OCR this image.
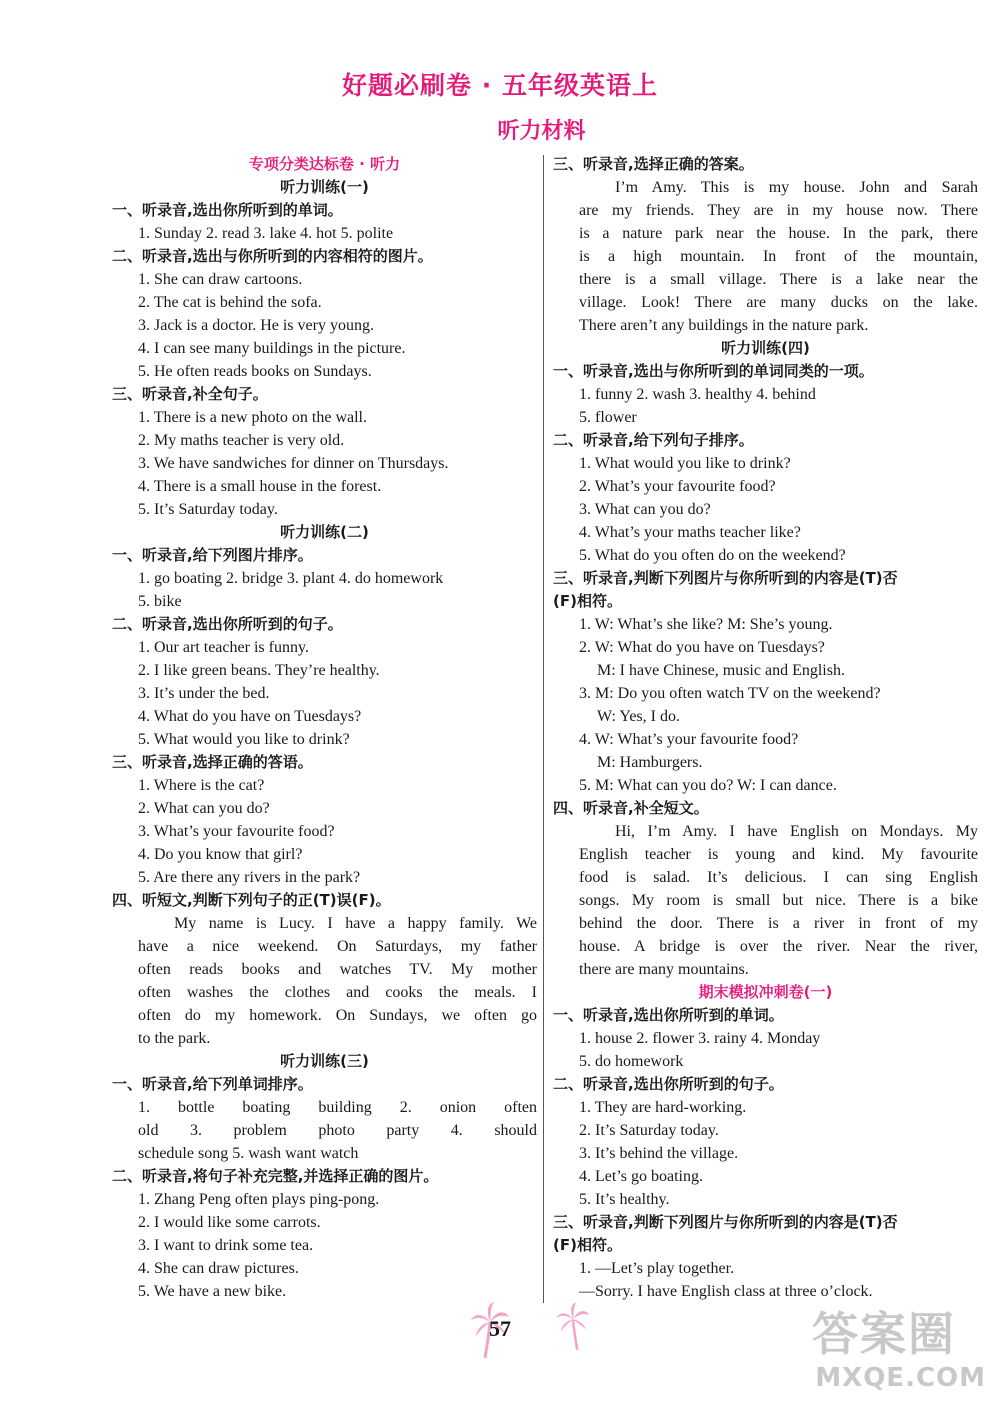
好题必刷卷 · 五年级英语上
听力材料
专项分类达标卷 · 听力
听力训练(一)
一、听录音,选出你所听到的单词。
1. Sunday 2. read 3. lake 4. hot 5. polite
二、听录音,选出与你所听到的内容相符的图片。
1. She can draw cartoons.
2. The cat is behind the sofa.
3. Jack is a doctor. He is very young.
4. I can see many buildings in the picture.
5. He often reads books on Sundays.
三、听录音,补全句子。
1. There is a new photo on the wall.
2. My maths teacher is very old.
3. We have sandwiches for dinner on Thursdays.
4. There is a small house in the forest.
5. It’s Saturday today.
听力训练(二)
一、听录音,给下列图片排序。
1. go boating 2. bridge 3. plant 4. do homework
5. bike
二、听录音,选出你所听到的句子。
1. Our art teacher is funny.
2. I like green beans. They’re healthy.
3. It’s under the bed.
4. What do you have on Tuesdays?
5. What would you like to drink?
三、听录音,选择正确的答语。
1. Where is the cat?
2. What can you do?
3. What’s your favourite food?
4. Do you know that girl?
5. Are there any rivers in the park?
四、听短文,判断下列句子的正(T)误(F)。
My name is Lucy. I have a happy family. We
have a nice weekend. On Saturdays, my father
often reads books and watches TV. My mother
often washes the clothes and cooks the meals. I
often do my homework. On Sundays, we often go
to the park.
听力训练(三)
一、听录音,给下列单词排序。
1. bottle boating building 2. onion often
old 3. problem photo party 4. should
schedule song 5. wash want watch
二、听录音,将句子补充完整,并选择正确的图片。
1. Zhang Peng often plays ping-pong.
2. I would like some carrots.
3. I want to drink some tea.
4. She can draw pictures.
5. We have a new bike.
三、听录音,选择正确的答案。
I’m Amy. This is my house. John and Sarah
are my friends. They are in my house now. There
is a nature park near the house. In the park, there
is a high mountain. In front of the mountain,
there is a small village. There is a lake near the
village. Look! There are many ducks on the lake.
There aren’t any buildings in the nature park.
听力训练(四)
一、听录音,选出与你所听到的单词同类的一项。
1. funny 2. wash 3. healthy 4. behind
5. flower
二、听录音,给下列句子排序。
1. What would you like to drink?
2. What’s your favourite food?
3. What can you do?
4. What’s your maths teacher like?
5. What do you often do on the weekend?
三、听录音,判断下列图片与你所听到的内容是(T)否
(F)相符。
1. W: What’s she like? M: She’s young.
2. W: What do you have on Tuesdays?
M: I have Chinese, music and English.
3. M: Do you often watch TV on the weekend?
W: Yes, I do.
4. W: What’s your favourite food?
M: Hamburgers.
5. M: What can you do? W: I can dance.
四、听录音,补全短文。
Hi, I’m Amy. I have English on Mondays. My
English teacher is young and kind. My favourite
food is salad. It’s delicious. I can sing English
songs. My room is small but nice. There is a bike
behind the door. There is a river in front of my
house. A bridge is over the river. Near the river,
there are many mountains.
期末模拟冲刺卷(一)
一、听录音,选出你所听到的单词。
1. house 2. flower 3. rainy 4. Monday
5. do homework
二、听录音,选出你所听到的句子。
1. They are hard-working.
2. It’s Saturday today.
3. It’s behind the village.
4. Let’s go boating.
5. It’s healthy.
三、听录音,判断下列图片与你所听到的内容是(T)否
(F)相符。
1. —Let’s play together.
—Sorry. I have English class at three o’clock.
57	答案圈
MXQE.COM
